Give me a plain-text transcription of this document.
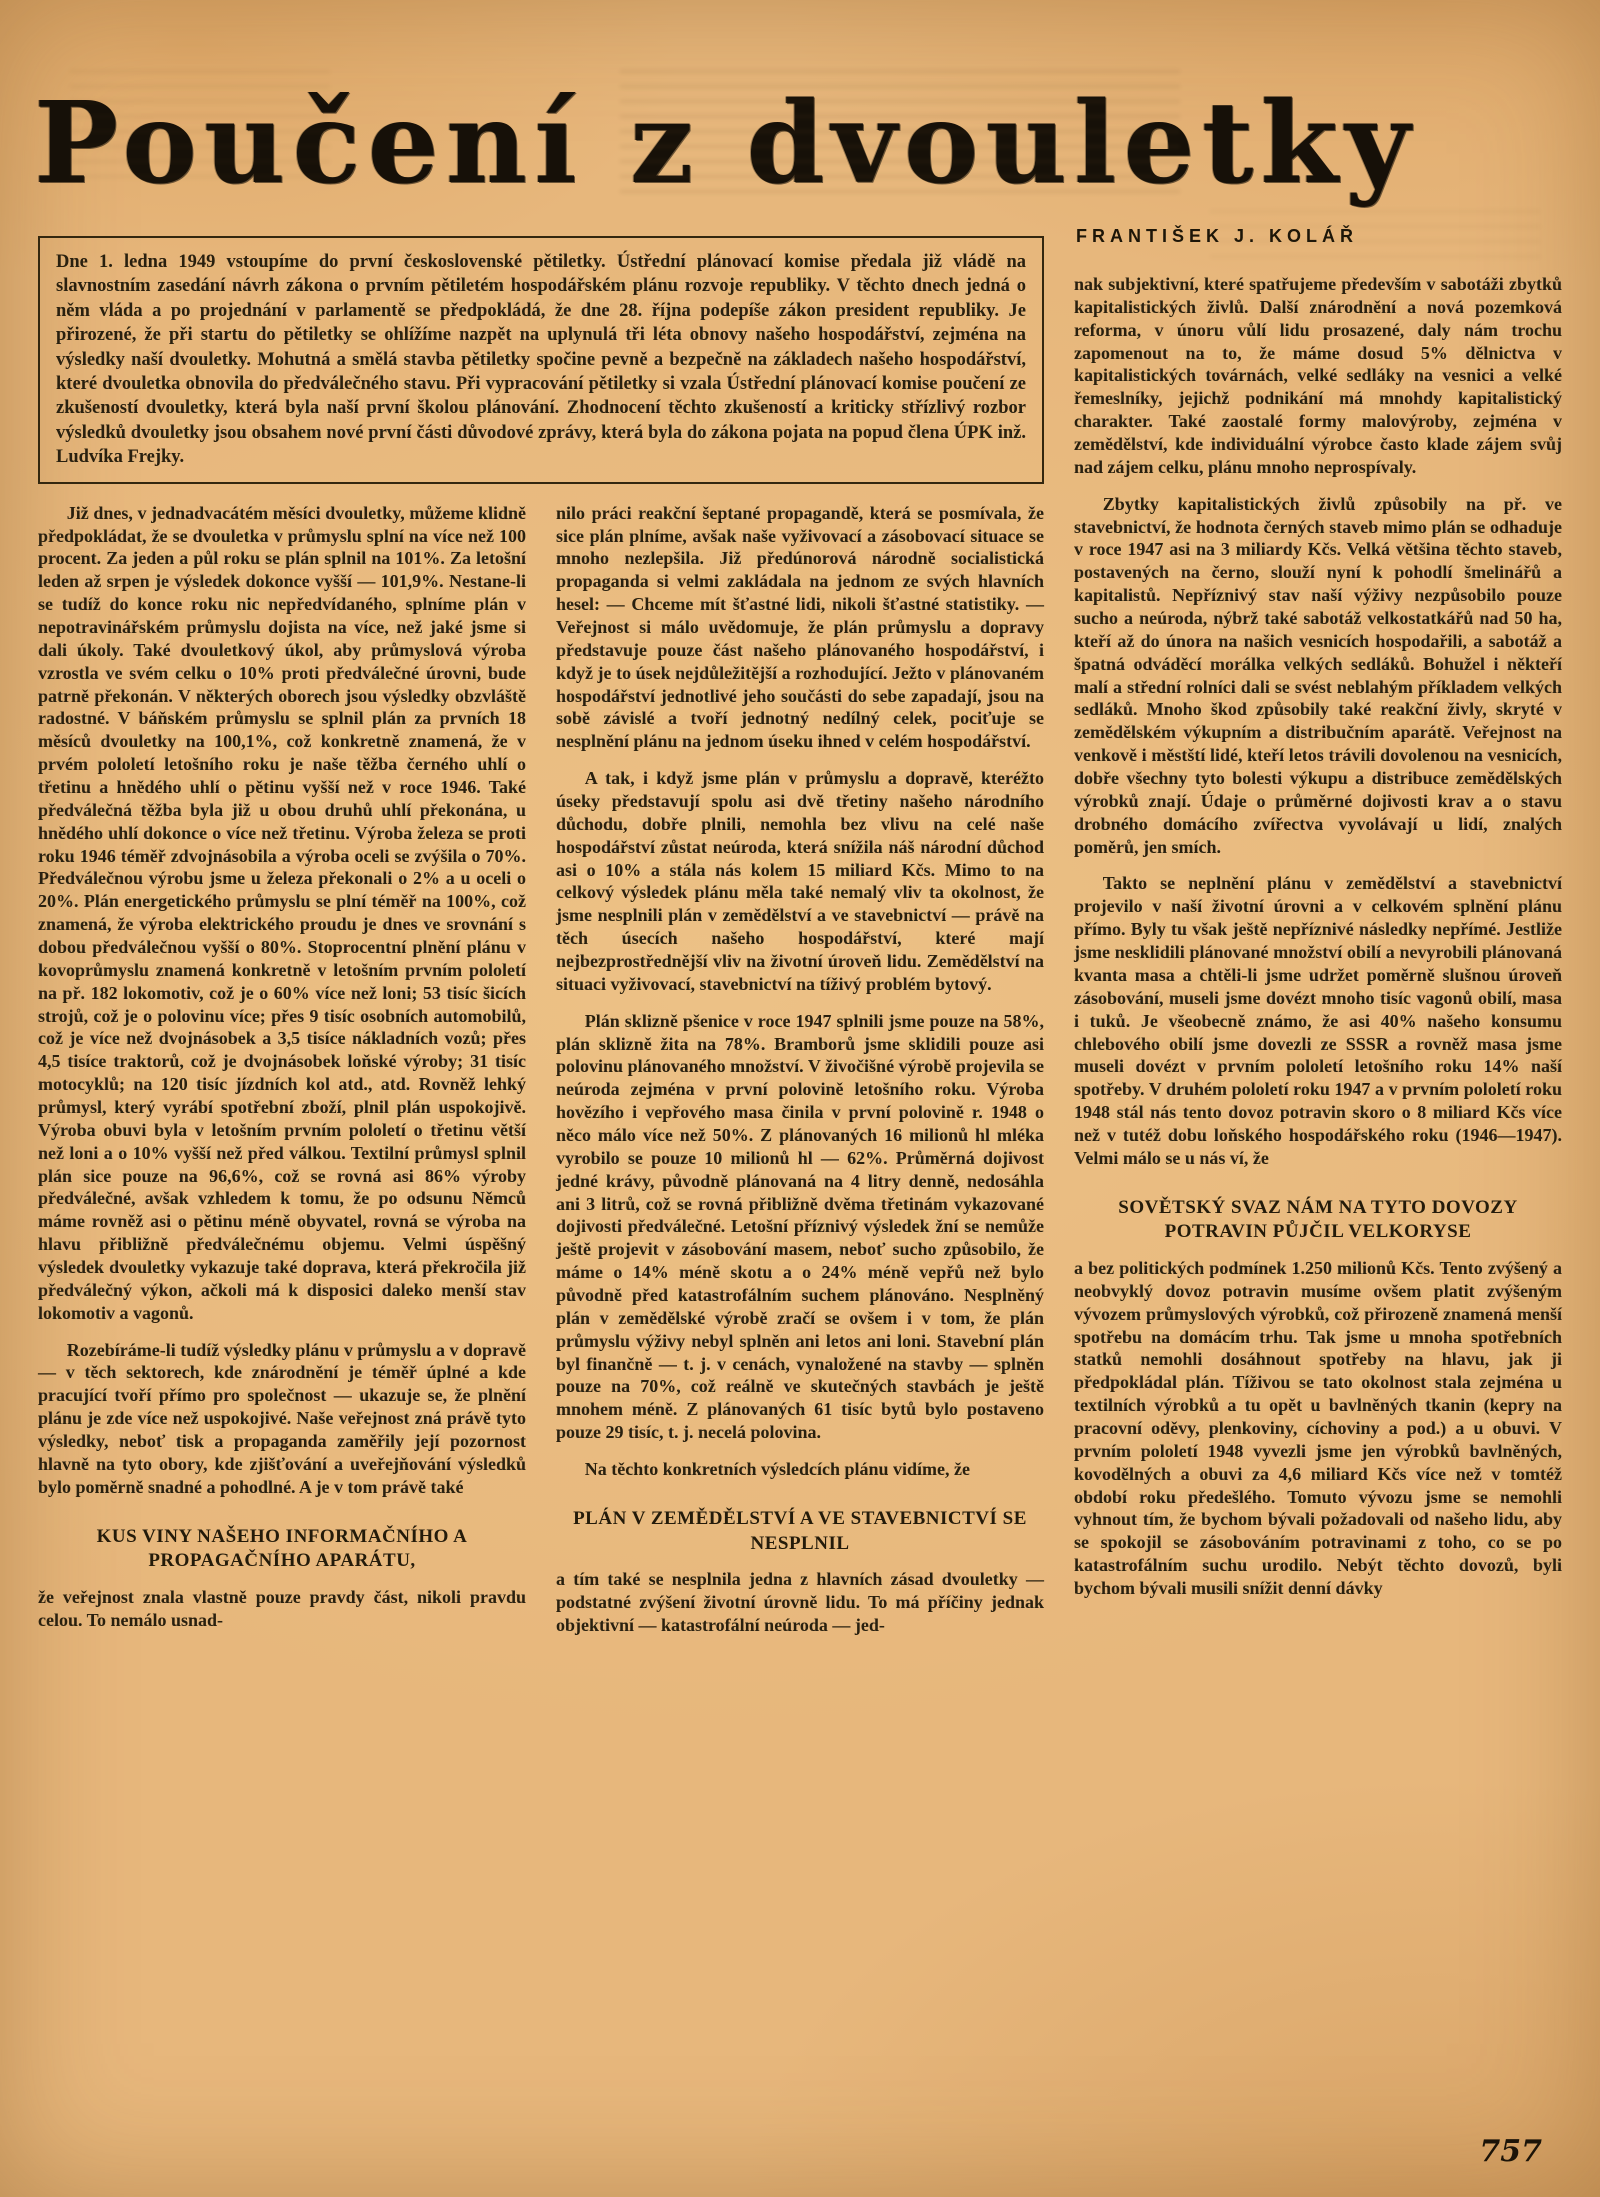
Poučení z dvouletky

Dne 1. ledna 1949 vstoupíme do první československé pětiletky. Ústřední plánovací komise předala již vládě na slavnostním zasedání návrh zákona o prvním pětiletém hospodářském plánu rozvoje republiky. V těchto dnech jedná o něm vláda a po projednání v parlamentě se předpokládá, že dne 28. října podepíše zákon president republiky. Je přirozené, že při startu do pětiletky se ohlížíme nazpět na uplynulá tři léta obnovy našeho hospodářství, zejména na výsledky naší dvouletky. Mohutná a smělá stavba pětiletky spočine pevně a bezpečně na základech našeho hospodářství, které dvouletka obnovila do předválečného stavu. Při vypracování pětiletky si vzala Ústřední plánovací komise poučení ze zkušeností dvouletky, která byla naší první školou plánování. Zhodnocení těchto zkušeností a kriticky střízlivý rozbor výsledků dvouletky jsou obsahem nové první části důvodové zprávy, která byla do zákona pojata na popud člena ÚPK inž. Ludvíka Frejky.

Již dnes, v jednadvacátém měsíci dvouletky, můžeme klidně předpokládat, že se dvouletka v průmyslu splní na více než 100 procent. Za jeden a půl roku se plán splnil na 101%. Za letošní leden až srpen je výsledek dokonce vyšší — 101,9%. Nestane-li se tudíž do konce roku nic nepředvídaného, splníme plán v nepotravinářském průmyslu dojista na více, než jaké jsme si dali úkoly. Také dvouletkový úkol, aby průmyslová výroba vzrostla ve svém celku o 10% proti předválečné úrovni, bude patrně překonán. V některých oborech jsou výsledky obzvláště radostné. V báňském průmyslu se splnil plán za prvních 18 měsíců dvouletky na 100,1%, což konkretně znamená, že v prvém pololetí letošního roku je naše těžba černého uhlí o třetinu a hnědého uhlí o pětinu vyšší než v roce 1946. Také předválečná těžba byla již u obou druhů uhlí překonána, u hnědého uhlí dokonce o více než třetinu. Výroba železa se proti roku 1946 téměř zdvojnásobila a výroba oceli se zvýšila o 70%. Předválečnou výrobu jsme u železa překonali o 2% a u oceli o 20%. Plán energetického průmyslu se plní téměř na 100%, což znamená, že výroba elektrického proudu je dnes ve srovnání s dobou předválečnou vyšší o 80%. Stoprocentní plnění plánu v kovoprůmyslu znamená konkretně v letošním prvním pololetí na př. 182 lokomotiv, což je o 60% více než loni; 53 tisíc šicích strojů, což je o polovinu více; přes 9 tisíc osobních automobilů, což je více než dvojnásobek a 3,5 tisíce nákladních vozů; přes 4,5 tisíce traktorů, což je dvojnásobek loňské výroby; 31 tisíc motocyklů; na 120 tisíc jízdních kol atd., atd. Rovněž lehký průmysl, který vyrábí spotřební zboží, plnil plán uspokojivě. Výroba obuvi byla v letošním prvním pololetí o třetinu větší než loni a o 10% vyšší než před válkou. Textilní průmysl splnil plán sice pouze na 96,6%, což se rovná asi 86% výroby předválečné, avšak vzhledem k tomu, že po odsunu Němců máme rovněž asi o pětinu méně obyvatel, rovná se výroba na hlavu přibližně předválečnému objemu. Velmi úspěšný výsledek dvouletky vykazuje také doprava, která překročila již předválečný výkon, ačkoli má k disposici daleko menší stav lokomotiv a vagonů.

Rozebíráme-li tudíž výsledky plánu v průmyslu a v dopravě — v těch sektorech, kde znárodnění je téměř úplné a kde pracující tvoří přímo pro společnost — ukazuje se, že plnění plánu je zde více než uspokojivé. Naše veřejnost zná právě tyto výsledky, neboť tisk a propaganda zaměřily její pozornost hlavně na tyto obory, kde zjišťování a uveřejňování výsledků bylo poměrně snadné a pohodlné. A je v tom právě také

KUS VINY NAŠEHO INFORMAČNÍHO A PROPAGAČNÍHO APARÁTU,

že veřejnost znala vlastně pouze pravdy část, nikoli pravdu celou. To nemálo usnad-

nilo práci reakční šeptané propagandě, která se posmívala, že sice plán plníme, avšak naše vyživovací a zásobovací situace se mnoho nezlepšila. Již předúnorová národně socialistická propaganda si velmi zakládala na jednom ze svých hlavních hesel: — Chceme mít šťastné lidi, nikoli šťastné statistiky. — Veřejnost si málo uvědomuje, že plán průmyslu a dopravy představuje pouze část našeho plánovaného hospodářství, i když je to úsek nejdůležitější a rozhodující. Ježto v plánovaném hospodářství jednotlivé jeho součásti do sebe zapadají, jsou na sobě závislé a tvoří jednotný nedílný celek, pociťuje se nesplnění plánu na jednom úseku ihned v celém hospodářství.

A tak, i když jsme plán v průmyslu a dopravě, kteréžto úseky představují spolu asi dvě třetiny našeho národního důchodu, dobře plnili, nemohla bez vlivu na celé naše hospodářství zůstat neúroda, která snížila náš národní důchod asi o 10% a stála nás kolem 15 miliard Kčs. Mimo to na celkový výsledek plánu měla také nemalý vliv ta okolnost, že jsme nesplnili plán v zemědělství a ve stavebnictví — právě na těch úsecích našeho hospodářství, které mají nejbezprostřednější vliv na životní úroveň lidu. Zemědělství na situaci vyživovací, stavebnictví na tíživý problém bytový.

Plán sklizně pšenice v roce 1947 splnili jsme pouze na 58%, plán sklizně žita na 78%. Bramborů jsme sklidili pouze asi polovinu plánovaného množství. V živočišné výrobě projevila se neúroda zejména v první polovině letošního roku. Výroba hovězího i vepřového masa činila v první polovině r. 1948 o něco málo více než 50%. Z plánovaných 16 milionů hl mléka vyrobilo se pouze 10 milionů hl — 62%. Průměrná dojivost jedné krávy, původně plánovaná na 4 litry denně, nedosáhla ani 3 litrů, což se rovná přibližně dvěma třetinám vykazované dojivosti předválečné. Letošní příznivý výsledek žní se nemůže ještě projevit v zásobování masem, neboť sucho způsobilo, že máme o 14% méně skotu a o 24% méně vepřů než bylo původně před katastrofálním suchem plánováno. Nesplněný plán v zemědělské výrobě zračí se ovšem i v tom, že plán průmyslu výživy nebyl splněn ani letos ani loni. Stavební plán byl finančně — t. j. v cenách, vynaložené na stavby — splněn pouze na 70%, což reálně ve skutečných stavbách je ještě mnohem méně. Z plánovaných 61 tisíc bytů bylo postaveno pouze 29 tisíc, t. j. necelá polovina.

Na těchto konkretních výsledcích plánu vidíme, že

PLÁN V ZEMĚDĚLSTVÍ A VE STAVEBNICTVÍ SE NESPLNIL

a tím také se nesplnila jedna z hlavních zásad dvouletky — podstatné zvýšení životní úrovně lidu. To má příčiny jednak objektivní — katastrofální neúroda — jed-

FRANTIŠEK J. KOLÁŘ

nak subjektivní, které spatřujeme především v sabotáži zbytků kapitalistických živlů. Další znárodnění a nová pozemková reforma, v únoru vůlí lidu prosazené, daly nám trochu zapomenout na to, že máme dosud 5% dělnictva v kapitalistických továrnách, velké sedláky na vesnici a velké řemeslníky, jejichž podnikání má mnohdy kapitalistický charakter. Také zaostalé formy malovýroby, zejména v zemědělství, kde individuální výrobce často klade zájem svůj nad zájem celku, plánu mnoho neprospívaly.

Zbytky kapitalistických živlů způsobily na př. ve stavebnictví, že hodnota černých staveb mimo plán se odhaduje v roce 1947 asi na 3 miliardy Kčs. Velká většina těchto staveb, postavených na černo, slouží nyní k pohodlí šmelinářů a kapitalistů. Nepříznivý stav naší výživy nezpůsobilo pouze sucho a neúroda, nýbrž také sabotáž velkostatkářů nad 50 ha, kteří až do února na našich vesnicích hospodařili, a sabotáž a špatná odváděcí morálka velkých sedláků. Bohužel i někteří malí a střední rolníci dali se svést neblahým příkladem velkých sedláků. Mnoho škod způsobily také reakční živly, skryté v zemědělském výkupním a distribučním aparátě. Veřejnost na venkově i městští lidé, kteří letos trávili dovolenou na vesnicích, dobře všechny tyto bolesti výkupu a distribuce zemědělských výrobků znají. Údaje o průměrné dojivosti krav a o stavu drobného domácího zvířectva vyvolávají u lidí, znalých poměrů, jen smích.

Takto se neplnění plánu v zemědělství a stavebnictví projevilo v naší životní úrovni a v celkovém splnění plánu přímo. Byly tu však ještě nepříznivé následky nepřímé. Jestliže jsme nesklidili plánované množství obilí a nevyrobili plánovaná kvanta masa a chtěli-li jsme udržet poměrně slušnou úroveň zásobování, museli jsme dovézt mnoho tisíc vagonů obilí, masa i tuků. Je všeobecně známo, že asi 40% našeho konsumu chlebového obilí jsme dovezli ze SSSR a rovněž masa jsme museli dovézt v prvním pololetí letošního roku 14% naší spotřeby. V druhém pololetí roku 1947 a v prvním pololetí roku 1948 stál nás tento dovoz potravin skoro o 8 miliard Kčs více než v tutéž dobu loňského hospodářského roku (1946—1947). Velmi málo se u nás ví, že

SOVĚTSKÝ SVAZ NÁM NA TYTO DOVOZY POTRAVIN PŮJČIL VELKORYSE

a bez politických podmínek 1.250 milionů Kčs. Tento zvýšený a neobvyklý dovoz potravin musíme ovšem platit zvýšeným vývozem průmyslových výrobků, což přirozeně znamená menší spotřebu na domácím trhu. Tak jsme u mnoha spotřebních statků nemohli dosáhnout spotřeby na hlavu, jak ji předpokládal plán. Tíživou se tato okolnost stala zejména u textilních výrobků a tu opět u bavlněných tkanin (kepry na pracovní oděvy, plenkoviny, cíchoviny a pod.) a u obuvi. V prvním pololetí 1948 vyvezli jsme jen výrobků bavlněných, kovodělných a obuvi za 4,6 miliard Kčs více než v tomtéž období roku předešlého. Tomuto vývozu jsme se nemohli vyhnout tím, že bychom bývali požadovali od našeho lidu, aby se spokojil se zásobováním potravinami z toho, co se po katastrofálním suchu urodilo. Nebýt těchto dovozů, byli bychom bývali musili snížit denní dávky

757
